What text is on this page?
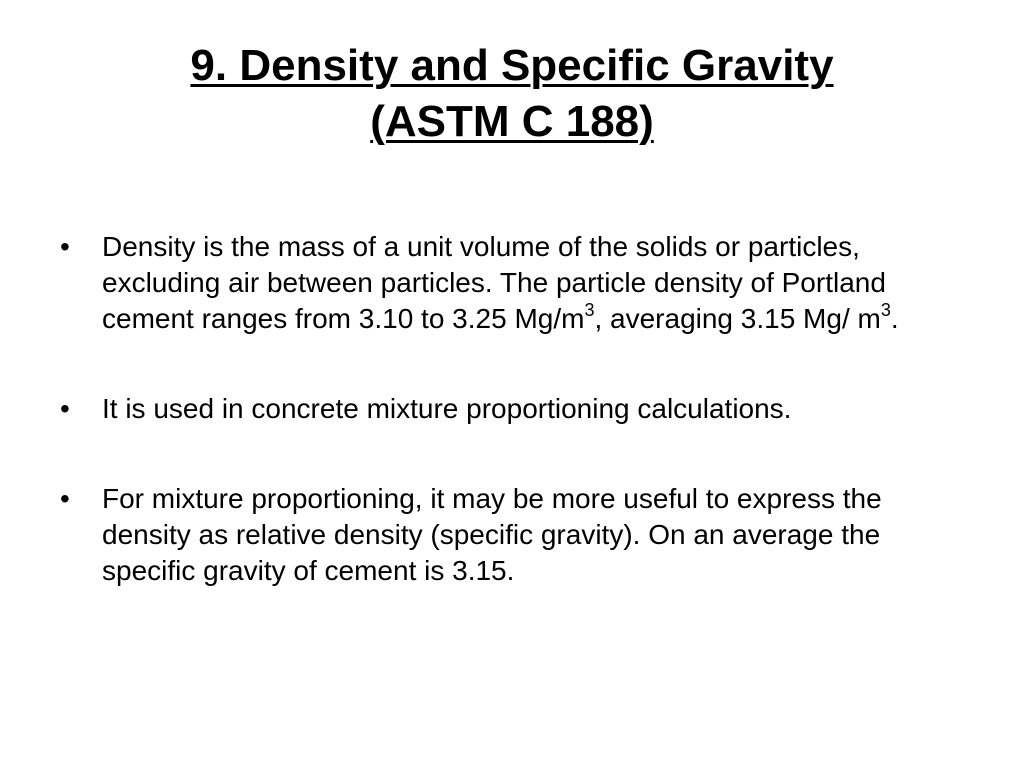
9. Density and Specific Gravity
(ASTM C 188)
• Density is the mass of a unit volume of the solids or particles, excluding air between particles. The particle density of Portland cement ranges from 3.10 to 3.25 $Mg/m^3$, averaging 3.15 Mg/ $m^3$.
• It is used in concrete mixture proportioning calculations.
• For mixture proportioning, it may be more useful to express the density as relative density (specific gravity). On an average the specific gravity of cement is 3.15.
